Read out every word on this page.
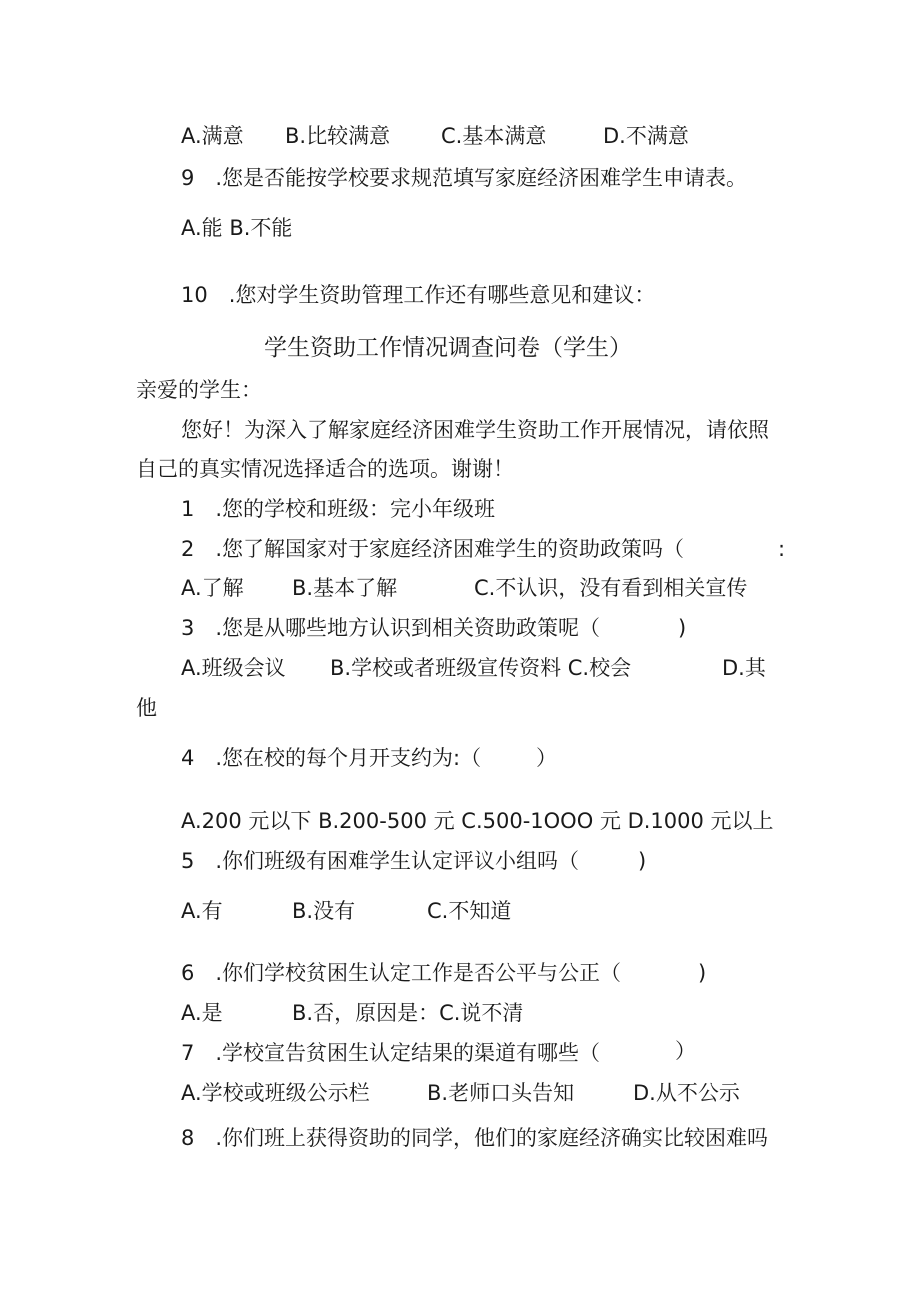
A.满意 B.比较满意 C.基本满意	D.不满意
9　.您是否能按学校要求规范填写家庭经济困难学生申请表。
A.能 B.不能
10　.您对学生资助管理工作还有哪些意见和建议：
学生资助工作情况调查问卷（学生）
亲爱的学生：
您好！为深入了解家庭经济困难学生资助工作开展情况，请依照
自己的真实情况选择适合的选项。谢谢！
1　.您的学校和班级：完小年级班
2　.您了解国家对于家庭经济困难学生的资助政策吗（	:
A.了解 B.基本了解	C.不认识，没有看到相关宣传
3　.您是从哪些地方认识到相关资助政策呢（	)
A.班级会议 B.学校或者班级宣传资料 C.校会	D.其
他
4　.您在校的每个月开支约为:（	）
A.200 元以下 B.200-500 元 C.500-1OOO 元 D.1000 元以上
5　.你们班级有困难学生认定评议小组吗（	)
A.有	B.没有	C.不知道
6　.你们学校贫困生认定工作是否公平与公正（	)
A.是	B.否，原因是：C.说不清
7　.学校宣告贫困生认定结果的渠道有哪些（	）
A.学校或班级公示栏	B.老师口头告知	D.从不公示
8　.你们班上获得资助的同学，他们的家庭经济确实比较困难吗
